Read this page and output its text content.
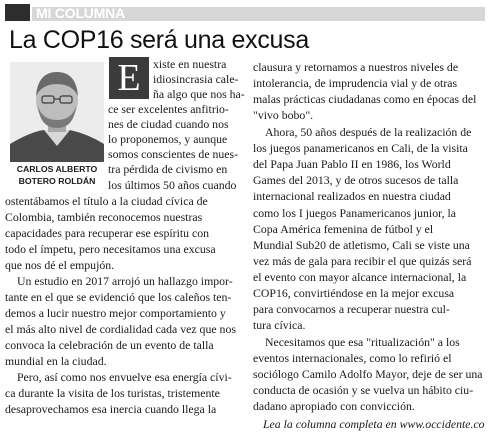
MI COLUMNA
La COP16 será una excusa
CARLOS ALBERTO
BOTERO ROLDÁN
E	xiste en nuestra
idiosincrasia cale-
ña algo que nos ha-
ce ser excelentes anfitrio-
nes de ciudad cuando nos
lo proponemos, y aunque
somos conscientes de nues-
tra pérdida de civismo en
los últimos 50 años cuando
ostentábamos el título a la ciudad cívica de
Colombia, también reconocemos nuestras
capacidades para recuperar ese espíritu con
todo el ímpetu, pero necesitamos una excusa
que nos dé el empujón.
Un estudio en 2017 arrojó un hallazgo impor-
tante en el que se evidenció que los caleños ten-
demos a lucir nuestro mejor comportamiento y
el más alto nivel de cordialidad cada vez que nos
convoca la celebración de un evento de talla
mundial en la ciudad.
Pero, así como nos envuelve esa energía cívi-
ca durante la visita de los turistas, tristemente
desaprovechamos esa inercia cuando llega la
clausura y retornamos a nuestros niveles de
intolerancia, de imprudencia vial y de otras
malas prácticas ciudadanas como en épocas del
"vivo bobo".
Ahora, 50 años después de la realización de
los juegos panamericanos en Cali, de la visita
del Papa Juan Pablo II en 1986, los World
Games del 2013, y de otros sucesos de talla
internacional realizados en nuestra ciudad
como los I juegos Panamericanos junior, la
Copa América femenina de fútbol y el
Mundial Sub20 de atletismo, Cali se viste una
vez más de gala para recibir el que quizás será
el evento con mayor alcance internacional, la
COP16, convirtiéndose en la mejor excusa
para convocarnos a recuperar nuestra cul-
tura cívica.
Necesitamos que esa "ritualización" a los
eventos internacionales, como lo refirió el
sociólogo Camilo Adolfo Mayor, deje de ser una
conducta de ocasión y se vuelva un hábito ciu-
dadano apropiado con convicción.
Lea la columna completa en www.occidente.co
